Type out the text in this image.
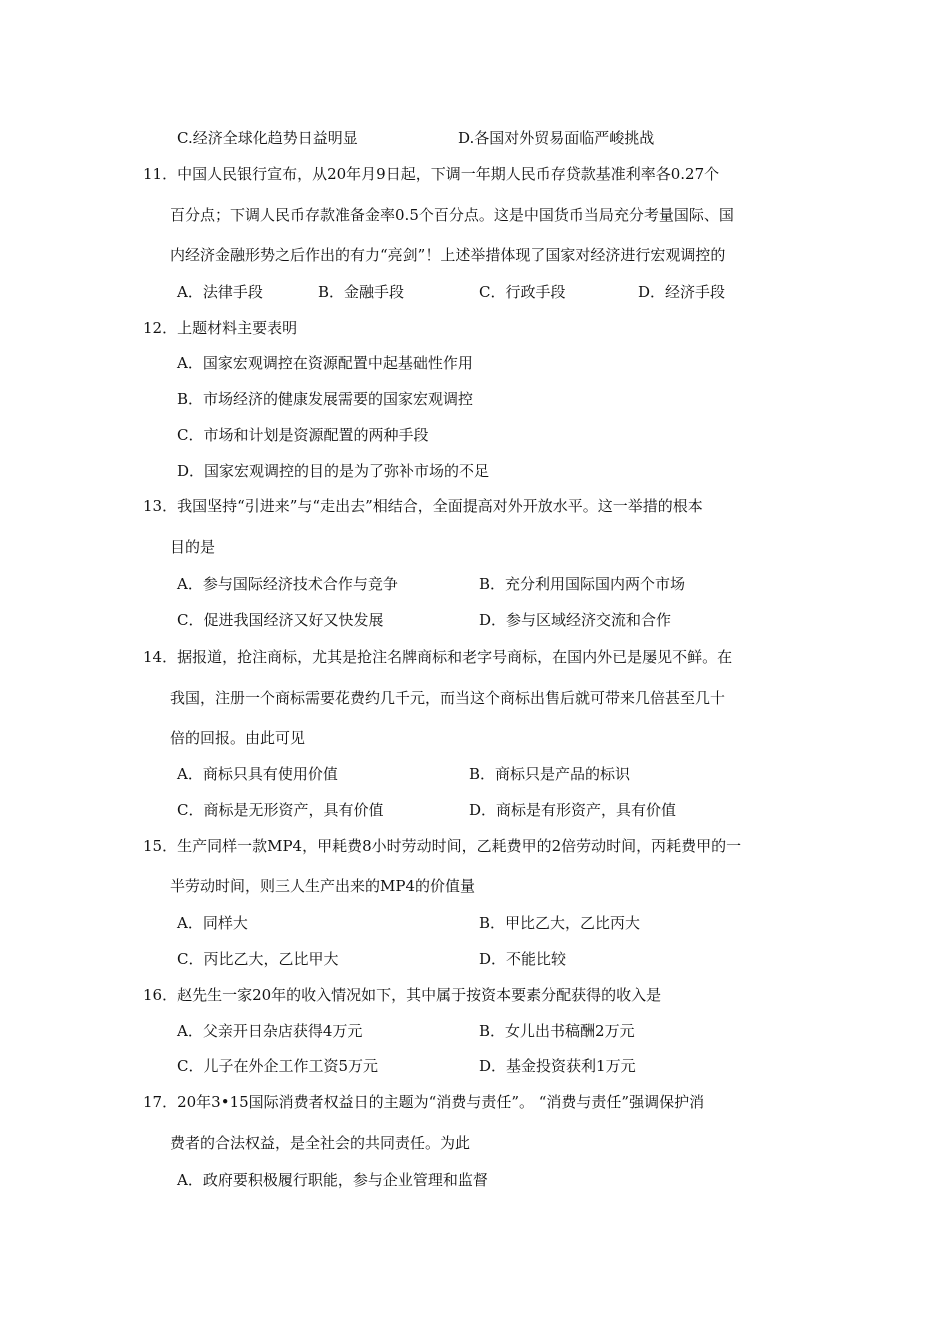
C.经济全球化趋势日益明显	D.各国对外贸易面临严峻挑战
11．中国人民银行宣布，从20年月9日起，下调一年期人民币存贷款基准利率各0.27个
百分点；下调人民币存款准备金率0.5个百分点。这是中国货币当局充分考量国际、国
内经济金融形势之后作出的有力“亮剑”！上述举措体现了国家对经济进行宏观调控的
A．法律手段	B．金融手段	C．行政手段	D．经济手段
12．上题材料主要表明
A．国家宏观调控在资源配置中起基础性作用
B．市场经济的健康发展需要的国家宏观调控
C．市场和计划是资源配置的两种手段
D．国家宏观调控的目的是为了弥补市场的不足
13．我国坚持“引进来”与“走出去”相结合，全面提高对外开放水平。这一举措的根本
目的是
A．参与国际经济技术合作与竞争	B．充分利用国际国内两个市场
C．促进我国经济又好又快发展	D．参与区域经济交流和合作
14．据报道，抢注商标，尤其是抢注名牌商标和老字号商标，在国内外已是屡见不鲜。在
我国，注册一个商标需要花费约几千元，而当这个商标出售后就可带来几倍甚至几十
倍的回报。由此可见
A．商标只具有使用价值	B．商标只是产品的标识
C．商标是无形资产，具有价值	D．商标是有形资产，具有价值
15．生产同样一款MP4，甲耗费8小时劳动时间，乙耗费甲的2倍劳动时间，丙耗费甲的一
半劳动时间，则三人生产出来的MP4的价值量
A．同样大	B．甲比乙大，乙比丙大
C．丙比乙大，乙比甲大	D．不能比较
16．赵先生一家20年的收入情况如下，其中属于按资本要素分配获得的收入是
A．父亲开日杂店获得4万元	B．女儿出书稿酬2万元
C．儿子在外企工作工资5万元	D．基金投资获利1万元
17．20年3•15国际消费者权益日的主题为“消费与责任”。 “消费与责任”强调保护消
费者的合法权益，是全社会的共同责任。为此
A．政府要积极履行职能，参与企业管理和监督
